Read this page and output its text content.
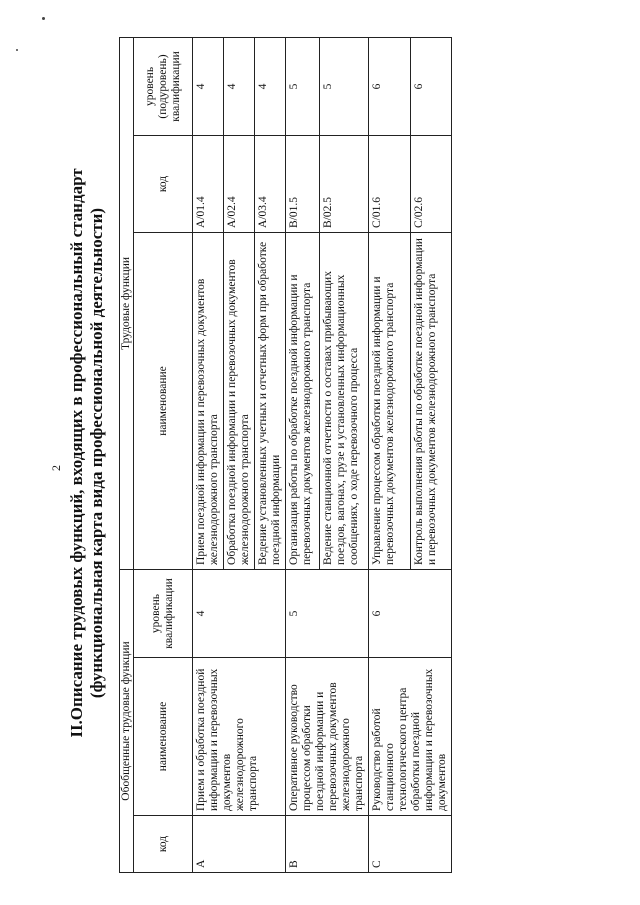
2 II.Описание трудовых функций, входящих в профессиональный стандарт (функциональная карта вида профессиональной деятельности)
Обобщенные трудовые функции			Трудовые функции		
код	наименование	уровень квалификации	наименование	код	уровень (подуровень) квалификации
A	Прием и обработка поездной информации и перевозочных документов железнодорожного транспорта	4	Прием поездной информации и перевозочных документов железнодорожного транспорта	A/01.4	4
			Обработка поездной информации и перевозочных документов железнодорожного транспорта	A/02.4	4
			Ведение установленных учетных и отчетных форм при обработке поездной информации	A/03.4	4
B	Оперативное руководство процессом обработки поездной информации и перевозочных документов железнодорожного транспорта	5	Организация работы по обработке поездной информации и перевозочных документов железнодорожного транспорта	B/01.5	5
			Ведение станционной отчетности о составах прибывающих поездов, вагонах, грузе и установленных информационных сообщениях, о ходе перевозочного процесса	B/02.5	5
C	Руководство работой станционного технологического центра обработки поездной информации и перевозочных документов	6	Управление процессом обработки поездной информации и перевозочных документов железнодорожного транспорта	C/01.6	6
			Контроль выполнения работы по обработке поездной информации и перевозочных документов железнодорожного транспорта	C/02.6	6
